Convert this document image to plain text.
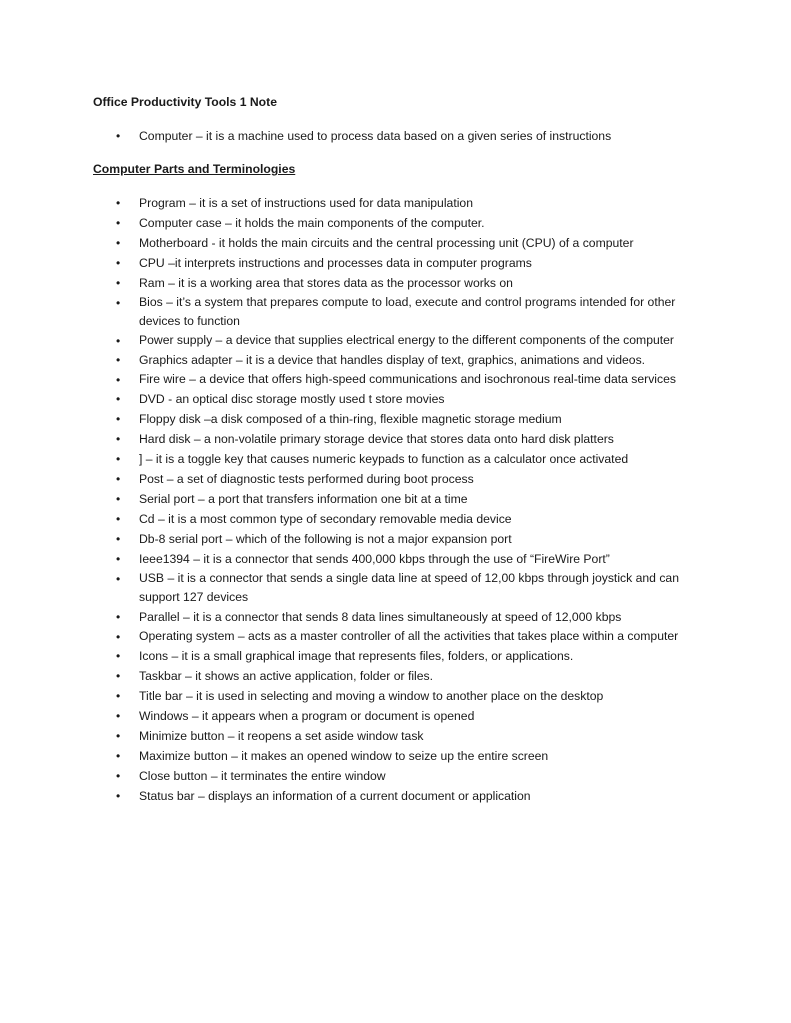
Office Productivity Tools 1 Note

• Computer – it is a machine used to process data based on a given series of instructions

Computer Parts and Terminologies

• Program – it is a set of instructions used for data manipulation
• Computer case – it holds the main components of the computer.
• Motherboard - it holds the main circuits and the central processing unit (CPU) of a computer
• CPU –it interprets instructions and processes data in computer programs
• Ram – it is a working area that stores data as the processor works on
• Bios – it’s a system that prepares compute to load, execute and control programs intended for other devices to function
• Power supply – a device that supplies electrical energy to the different components of the computer
• Graphics adapter – it is a device that handles display of text, graphics, animations and videos.
• Fire wire – a device that offers high-speed communications and isochronous real-time data services
• DVD - an optical disc storage mostly used t store movies
• Floppy disk –a disk composed of a thin-ring, flexible magnetic storage medium
• Hard disk – a non-volatile primary storage device that stores data onto hard disk platters
• ] – it is a toggle key that causes numeric keypads to function as a calculator once activated
• Post – a set of diagnostic tests performed during boot process
• Serial port – a port that transfers information one bit at a time
• Cd – it is a most common type of secondary removable media device
• Db-8 serial port – which of the following is not a major expansion port
• Ieee1394 – it is a connector that sends 400,000 kbps through the use of “FireWire Port”
• USB – it is a connector that sends a single data line at speed of 12,00 kbps through joystick and can support 127 devices
• Parallel – it is a connector that sends 8 data lines simultaneously at speed of 12,000 kbps
• Operating system – acts as a master controller of all the activities that takes place within a computer
• Icons – it is a small graphical image that represents files, folders, or applications.
• Taskbar – it shows an active application, folder or files.
• Title bar – it is used in selecting and moving a window to another place on the desktop
• Windows – it appears when a program or document is opened
• Minimize button – it reopens a set aside window task
• Maximize button – it makes an opened window to seize up the entire screen
• Close button – it terminates the entire window
• Status bar – displays an information of a current document or application
